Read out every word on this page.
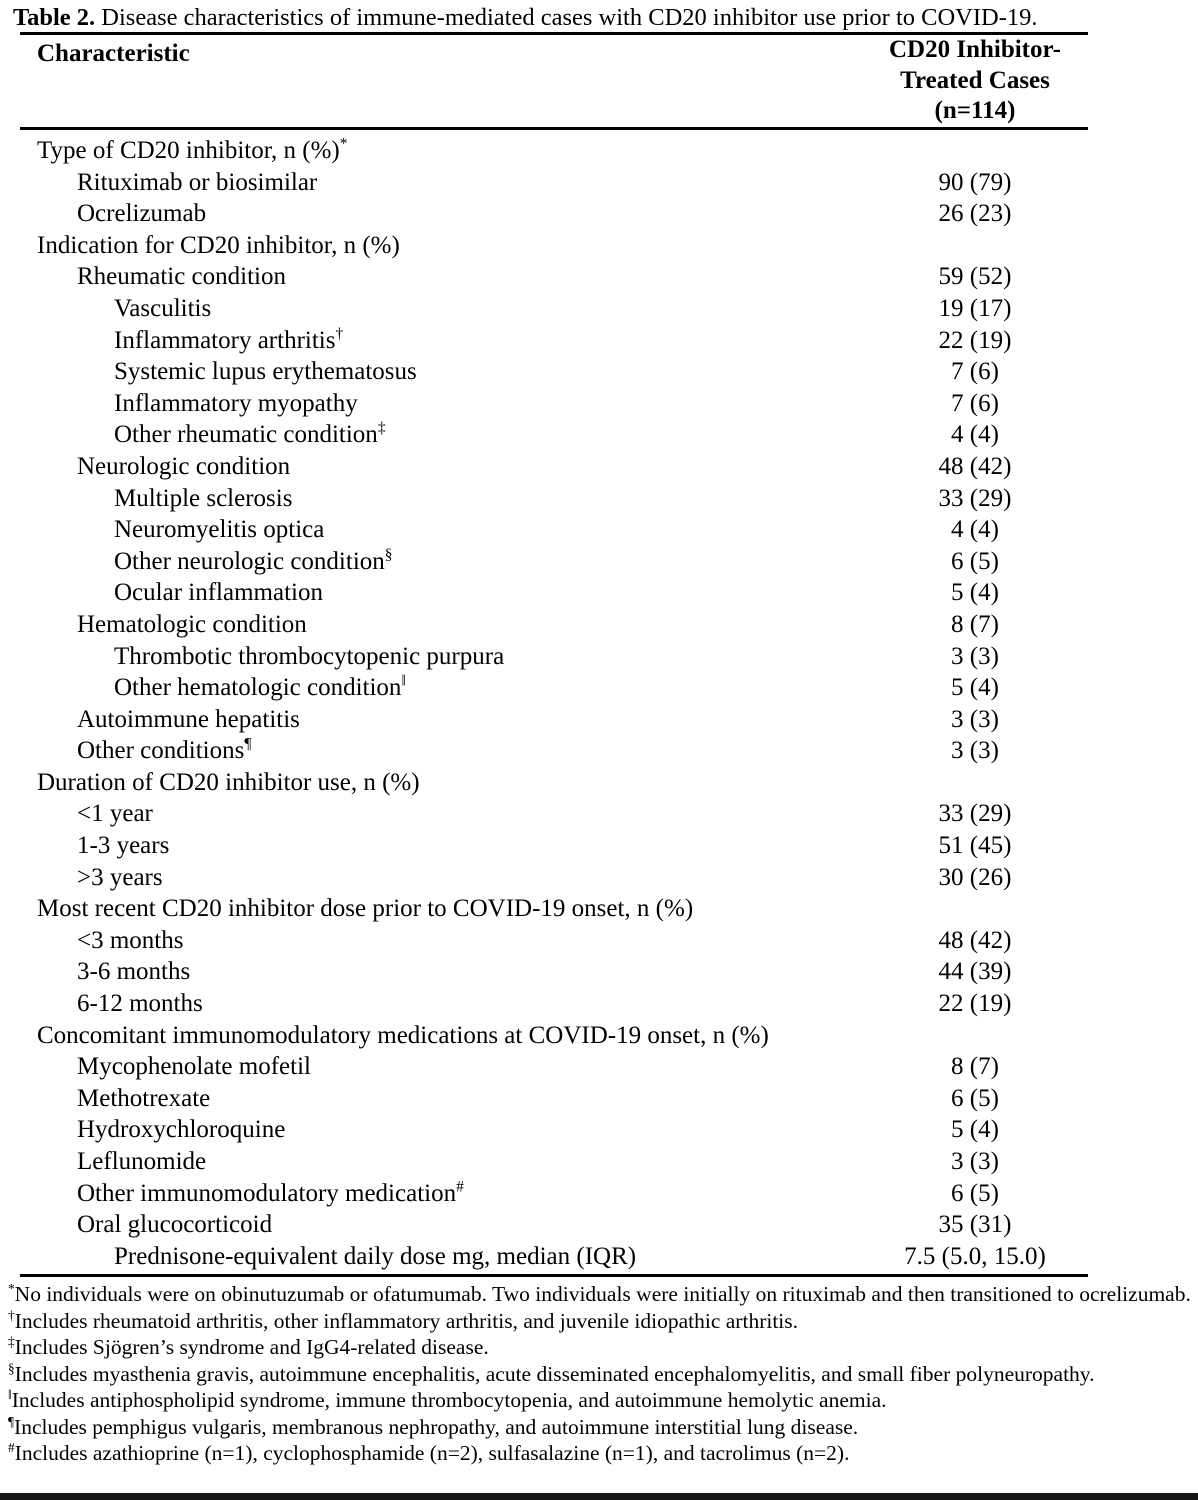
Table 2. Disease characteristics of immune-mediated cases with CD20 inhibitor use prior to COVID-19.
Characteristic	CD20 Inhibitor-
Treated Cases
(n=114)
Type of CD20 inhibitor, n (%)*
Rituximab or biosimilar	90 (79)
Ocrelizumab	26 (23)
Indication for CD20 inhibitor, n (%)
Rheumatic condition	59 (52)
Vasculitis	19 (17)
Inflammatory arthritis†	22 (19)
Systemic lupus erythematosus	7 (6)
Inflammatory myopathy	7 (6)
Other rheumatic condition‡	4 (4)
Neurologic condition	48 (42)
Multiple sclerosis	33 (29)
Neuromyelitis optica	4 (4)
Other neurologic condition§	6 (5)
Ocular inflammation	5 (4)
Hematologic condition	8 (7)
Thrombotic thrombocytopenic purpura	3 (3)
Other hematologic condition‖	5 (4)
Autoimmune hepatitis	3 (3)
Other conditions¶	3 (3)
Duration of CD20 inhibitor use, n (%)
<1 year	33 (29)
1-3 years	51 (45)
>3 years	30 (26)
Most recent CD20 inhibitor dose prior to COVID-19 onset, n (%)
<3 months	48 (42)
3-6 months	44 (39)
6-12 months	22 (19)
Concomitant immunomodulatory medications at COVID-19 onset, n (%)
Mycophenolate mofetil	8 (7)
Methotrexate	6 (5)
Hydroxychloroquine	5 (4)
Leflunomide	3 (3)
Other immunomodulatory medication#	6 (5)
Oral glucocorticoid	35 (31)
Prednisone-equivalent daily dose mg, median (IQR)	7.5 (5.0, 15.0)

*No individuals were on obinutuzumab or ofatumumab. Two individuals were initially on rituximab and then transitioned to ocrelizumab.

†Includes rheumatoid arthritis, other inflammatory arthritis, and juvenile idiopathic arthritis.

‡Includes Sjögren’s syndrome and IgG4-related disease.

§Includes myasthenia gravis, autoimmune encephalitis, acute disseminated encephalomyelitis, and small fiber polyneuropathy.

‖Includes antiphospholipid syndrome, immune thrombocytopenia, and autoimmune hemolytic anemia.

¶Includes pemphigus vulgaris, membranous nephropathy, and autoimmune interstitial lung disease.

#Includes azathioprine (n=1), cyclophosphamide (n=2), sulfasalazine (n=1), and tacrolimus (n=2).
